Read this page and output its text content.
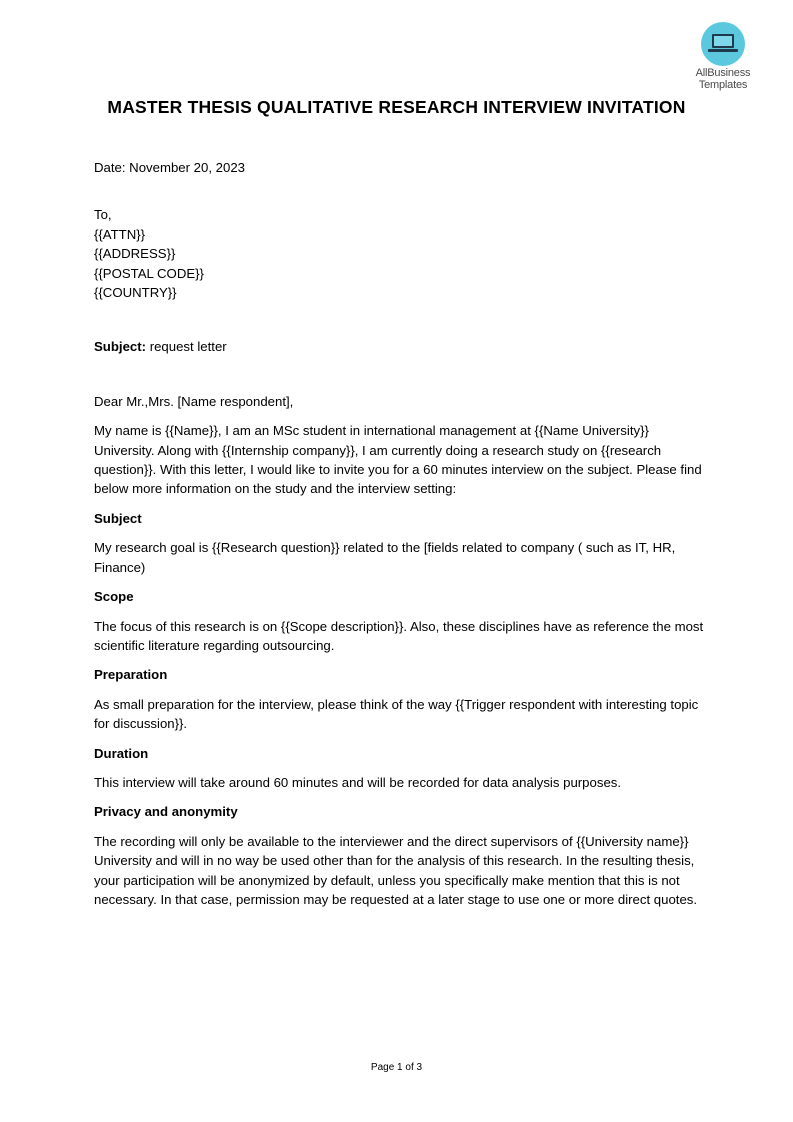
AllBusiness
Templates
MASTER THESIS QUALITATIVE RESEARCH INTERVIEW INVITATION

Date: November 20, 2023

To,

{{ATTN}}

{{ADDRESS}}

{{POSTAL CODE}}

{{COUNTRY}}

Subject: request letter

Dear Mr.,Mrs. [Name respondent],

My name is {{Name}}, I am an MSc student in international management at {{Name University}} University. Along with {{Internship company}}, I am currently doing a research study on {{research question}}. With this letter, I would like to invite you for a 60 minutes interview on the subject. Please find below more information on the study and the interview setting:

Subject

My research goal is {{Research question}} related to the [fields related to company ( such as IT, HR, Finance)

Scope

The focus of this research is on {{Scope description}}. Also, these disciplines have as reference the most scientific literature regarding outsourcing.

Preparation

As small preparation for the interview, please think of the way {{Trigger respondent with interesting topic for discussion}}.

Duration

This interview will take around 60 minutes and will be recorded for data analysis purposes.

Privacy and anonymity

The recording will only be available to the interviewer and the direct supervisors of {{University name}} University and will in no way be used other than for the analysis of this research. In the resulting thesis, your participation will be anonymized by default, unless you specifically make mention that this is not necessary. In that case, permission may be requested at a later stage to use one or more direct quotes.

Page 1 of 3
